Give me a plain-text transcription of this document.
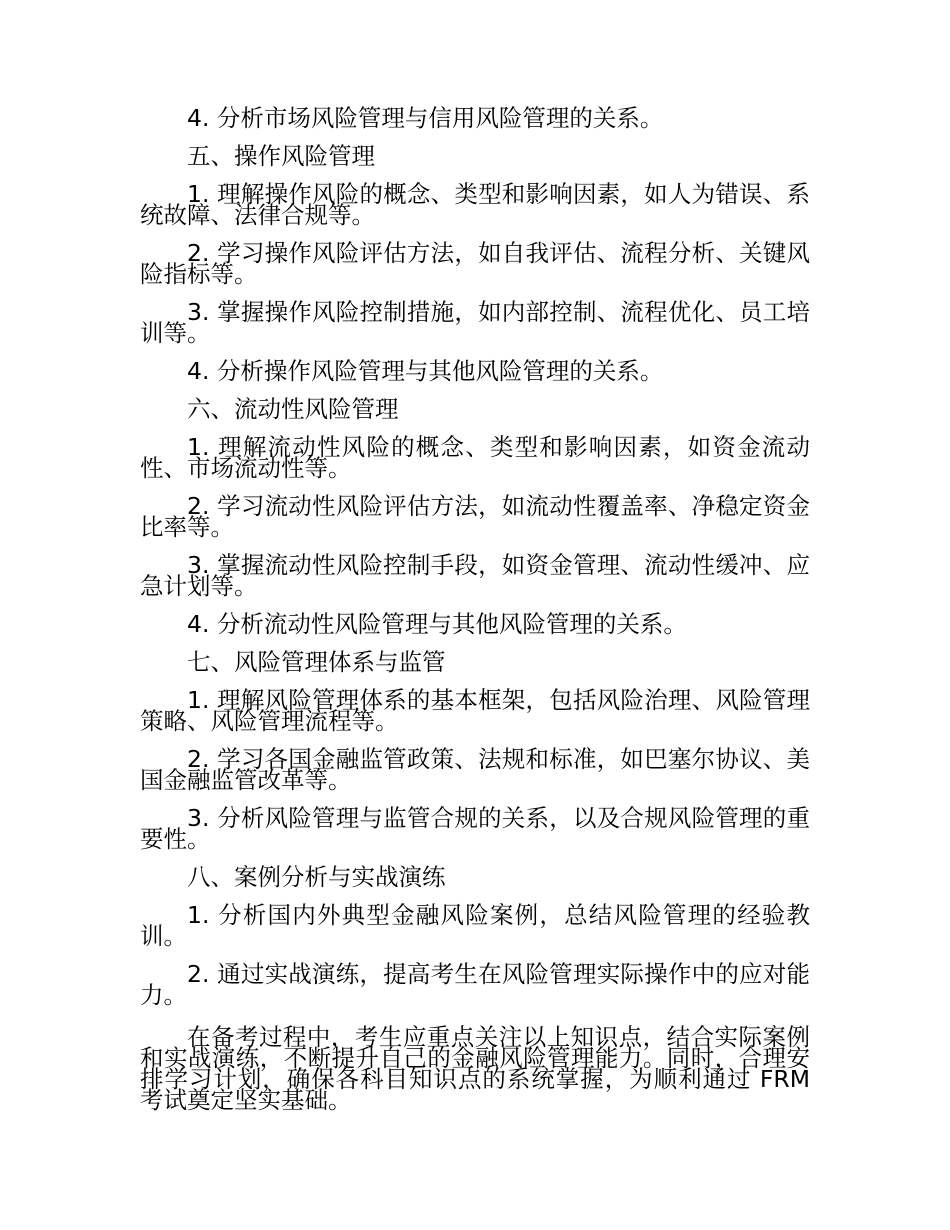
4. 分析市场风险管理与信用风险管理的关系。

五、操作风险管理

1. 理解操作风险的概念、类型和影响因素，如人为错误、系统故障、法律合规等。

2. 学习操作风险评估方法，如自我评估、流程分析、关键风险指标等。

3. 掌握操作风险控制措施，如内部控制、流程优化、员工培训等。

4. 分析操作风险管理与其他风险管理的关系。

六、流动性风险管理

1. 理解流动性风险的概念、类型和影响因素，如资金流动性、市场流动性等。

2. 学习流动性风险评估方法，如流动性覆盖率、净稳定资金比率等。

3. 掌握流动性风险控制手段，如资金管理、流动性缓冲、应急计划等。

4. 分析流动性风险管理与其他风险管理的关系。

七、风险管理体系与监管

1. 理解风险管理体系的基本框架，包括风险治理、风险管理策略、风险管理流程等。

2. 学习各国金融监管政策、法规和标准，如巴塞尔协议、美国金融监管改革等。

3. 分析风险管理与监管合规的关系，以及合规风险管理的重要性。

八、案例分析与实战演练

1. 分析国内外典型金融风险案例，总结风险管理的经验教训。

2. 通过实战演练，提高考生在风险管理实际操作中的应对能力。

在备考过程中，考生应重点关注以上知识点，结合实际案例和实战演练，不断提升自己的金融风险管理能力。同时，合理安排学习计划，确保各科目知识点的系统掌握，为顺利通过 FRM 考试奠定坚实基础。
